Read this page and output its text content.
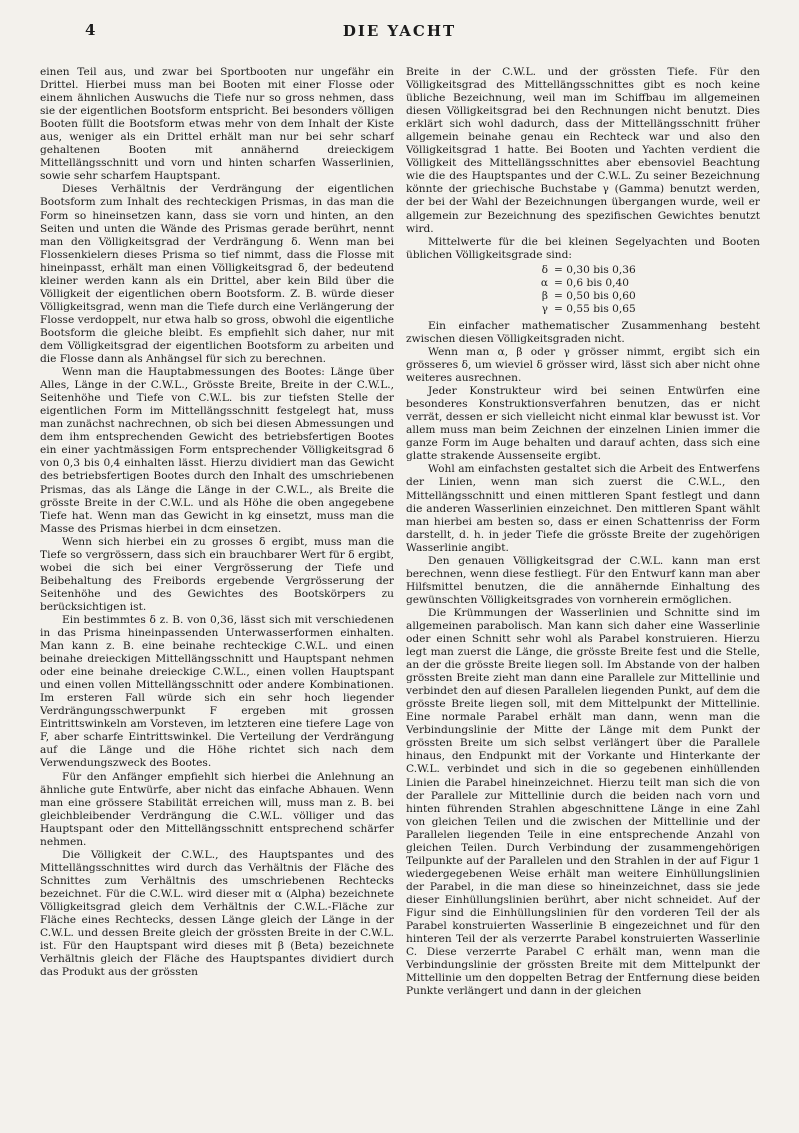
4	DIE YACHT

einen Teil aus, und zwar bei Sportbooten nur ungefähr ein Drittel. Hierbei muss man bei Booten mit einer Flosse oder einem ähnlichen Auswuchs die Tiefe nur so gross nehmen, dass sie der eigentlichen Bootsform entspricht. Bei besonders völligen Booten füllt die Bootsform etwas mehr von dem Inhalt der Kiste aus, weniger als ein Drittel erhält man nur bei sehr scharf gehaltenen Booten mit annähernd dreieckigem Mittellängsschnitt und vorn und hinten scharfen Wasserlinien, sowie sehr scharfem Hauptspant.

Dieses Verhältnis der Verdrängung der eigentlichen Bootsform zum Inhalt des rechteckigen Prismas, in das man die Form so hineinsetzen kann, dass sie vorn und hinten, an den Seiten und unten die Wände des Prismas gerade berührt, nennt man den Völligkeitsgrad der Verdrängung δ. Wenn man bei Flossenkielern dieses Prisma so tief nimmt, dass die Flosse mit hineinpasst, erhält man einen Völligkeitsgrad δ, der bedeutend kleiner werden kann als ein Drittel, aber kein Bild über die Völligkeit der eigentlichen obern Bootsform. Z. B. würde dieser Völligkeitsgrad, wenn man die Tiefe durch eine Verlängerung der Flosse verdoppelt, nur etwa halb so gross, obwohl die eigentliche Bootsform die gleiche bleibt. Es empfiehlt sich daher, nur mit dem Völligkeitsgrad der eigentlichen Bootsform zu arbeiten und die Flosse dann als Anhängsel für sich zu berechnen.

Wenn man die Hauptabmessungen des Bootes: Länge über Alles, Länge in der C.W.L., Grösste Breite, Breite in der C.W.L., Seitenhöhe und Tiefe von C.W.L. bis zur tiefsten Stelle der eigentlichen Form im Mittellängsschnitt festgelegt hat, muss man zunächst nachrechnen, ob sich bei diesen Abmessungen und dem ihm entsprechenden Gewicht des betriebsfertigen Bootes ein einer yachtmässigen Form entsprechender Völligkeitsgrad δ von 0,3 bis 0,4 einhalten lässt. Hierzu dividiert man das Gewicht des betriebsfertigen Bootes durch den Inhalt des umschriebenen Prismas, das als Länge die Länge in der C.W.L., als Breite die grösste Breite in der C.W.L. und als Höhe die oben angegebene Tiefe hat. Wenn man das Gewicht in kg einsetzt, muss man die Masse des Prismas hierbei in dcm einsetzen.

Wenn sich hierbei ein zu grosses δ ergibt, muss man die Tiefe so vergrössern, dass sich ein brauchbarer Wert für δ ergibt, wobei die sich bei einer Vergrösserung der Tiefe und Beibehaltung des Freibords ergebende Vergrösserung der Seitenhöhe und des Gewichtes des Bootskörpers zu berücksichtigen ist.

Ein bestimmtes δ z. B. von 0,36, lässt sich mit verschiedenen in das Prisma hineinpassenden Unterwasserformen einhalten. Man kann z. B. eine beinahe rechteckige C.W.L. und einen beinahe dreieckigen Mittellängsschnitt und Hauptspant nehmen oder eine beinahe dreieckige C.W.L., einen vollen Hauptspant und einen vollen Mittellängsschnitt oder andere Kombinationen. Im ersteren Fall würde sich ein sehr hoch liegender Verdrängungsschwerpunkt F ergeben mit grossen Eintrittswinkeln am Vorsteven, im letzteren eine tiefere Lage von F, aber scharfe Eintrittswinkel. Die Verteilung der Verdrängung auf die Länge und die Höhe richtet sich nach dem Verwendungszweck des Bootes.

Für den Anfänger empfiehlt sich hierbei die Anlehnung an ähnliche gute Entwürfe, aber nicht das einfache Abhauen. Wenn man eine grössere Stabilität erreichen will, muss man z. B. bei gleichbleibender Verdrängung die C.W.L. völliger und das Hauptspant oder den Mittellängsschnitt entsprechend schärfer nehmen.

Die Völligkeit der C.W.L., des Hauptspantes und des Mittellängsschnittes wird durch das Verhältnis der Fläche des Schnittes zum Verhältnis des umschriebenen Rechtecks bezeichnet. Für die C.W.L. wird dieser mit α (Alpha) bezeichnete Völligkeitsgrad gleich dem Verhältnis der C.W.L.-Fläche zur Fläche eines Rechtecks, dessen Länge gleich der Länge in der C.W.L. und dessen Breite gleich der grössten Breite in der C.W.L. ist. Für den Hauptspant wird dieses mit β (Beta) bezeichnete Verhältnis gleich der Fläche des Hauptspantes dividiert durch das Produkt aus der grössten

Breite in der C.W.L. und der grössten Tiefe. Für den Völligkeitsgrad des Mittellängsschnittes gibt es noch keine übliche Bezeichnung, weil man im Schiffbau im allgemeinen diesen Völligkeitsgrad bei den Rechnungen nicht benutzt. Dies erklärt sich wohl dadurch, dass der Mittellängsschnitt früher allgemein beinahe genau ein Rechteck war und also den Völligkeitsgrad 1 hatte. Bei Booten und Yachten verdient die Völligkeit des Mittellängsschnittes aber ebensoviel Beachtung wie die des Hauptspantes und der C.W.L. Zu seiner Bezeichnung könnte der griechische Buchstabe γ (Gamma) benutzt werden, der bei der Wahl der Bezeichnungen übergangen wurde, weil er allgemein zur Bezeichnung des spezifischen Gewichtes benutzt wird.

Mittelwerte für die bei kleinen Segelyachten und Booten üblichen Völligkeitsgrade sind:

δ = 0,30 bis 0,36
α = 0,6 bis 0,40
β = 0,50 bis 0,60
γ = 0,55 bis 0,65

Ein einfacher mathematischer Zusammenhang besteht zwischen diesen Völligkeitsgraden nicht.

Wenn man α, β oder γ grösser nimmt, ergibt sich ein grösseres δ, um wieviel δ grösser wird, lässt sich aber nicht ohne weiteres ausrechnen.

Jeder Konstrukteur wird bei seinen Entwürfen eine besonderes Konstruktionsverfahren benutzen, das er nicht verrät, dessen er sich vielleicht nicht einmal klar bewusst ist. Vor allem muss man beim Zeichnen der einzelnen Linien immer die ganze Form im Auge behalten und darauf achten, dass sich eine glatte strakende Aussenseite ergibt.

Wohl am einfachsten gestaltet sich die Arbeit des Entwerfens der Linien, wenn man sich zuerst die C.W.L., den Mittellängsschnitt und einen mittleren Spant festlegt und dann die anderen Wasserlinien einzeichnet. Den mittleren Spant wählt man hierbei am besten so, dass er einen Schattenriss der Form darstellt, d. h. in jeder Tiefe die grösste Breite der zugehörigen Wasserlinie angibt.

Den genauen Völligkeitsgrad der C.W.L. kann man erst berechnen, wenn diese festliegt. Für den Entwurf kann man aber Hilfsmittel benutzen, die die annähernde Einhaltung des gewünschten Völligkeitsgrades von vornherein ermöglichen.

Die Krümmungen der Wasserlinien und Schnitte sind im allgemeinen parabolisch. Man kann sich daher eine Wasserlinie oder einen Schnitt sehr wohl als Parabel konstruieren. Hierzu legt man zuerst die Länge, die grösste Breite fest und die Stelle, an der die grösste Breite liegen soll. Im Abstande von der halben grössten Breite zieht man dann eine Parallele zur Mittellinie und verbindet den auf diesen Parallelen liegenden Punkt, auf dem die grösste Breite liegen soll, mit dem Mittelpunkt der Mittellinie. Eine normale Parabel erhält man dann, wenn man die Verbindungslinie der Mitte der Länge mit dem Punkt der grössten Breite um sich selbst verlängert über die Parallele hinaus, den Endpunkt mit der Vorkante und Hinterkante der C.W.L. verbindet und sich in die so gegebenen einhüllenden Linien die Parabel hineinzeichnet. Hierzu teilt man sich die von der Parallele zur Mittellinie durch die beiden nach vorn und hinten führenden Strahlen abgeschnittene Länge in eine Zahl von gleichen Teilen und die zwischen der Mittellinie und der Parallelen liegenden Teile in eine entsprechende Anzahl von gleichen Teilen. Durch Verbindung der zusammengehörigen Teilpunkte auf der Parallelen und den Strahlen in der auf Figur 1 wiedergegebenen Weise erhält man weitere Einhüllungslinien der Parabel, in die man diese so hineinzeichnet, dass sie jede dieser Einhüllungslinien berührt, aber nicht schneidet. Auf der Figur sind die Einhüllungslinien für den vorderen Teil der als Parabel konstruierten Wasserlinie B eingezeichnet und für den hinteren Teil der als verzerrte Parabel konstruierten Wasserlinie C. Diese verzerrte Parabel C erhält man, wenn man die Verbindungslinie der grössten Breite mit dem Mittelpunkt der Mittellinie um den doppelten Betrag der Entfernung diese beiden Punkte verlängert und dann in der gleichen
